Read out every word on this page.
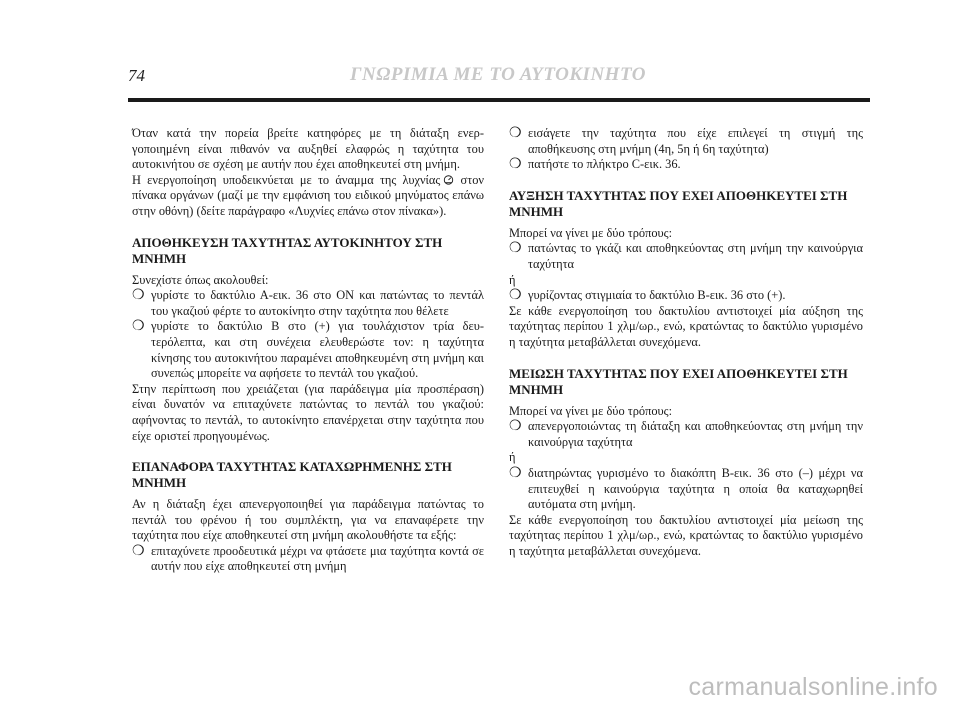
74	ΓΝΩΡΙΜΙΑ ΜΕ ΤΟ ΑΥΤΟΚΙΝΗΤΟ

Όταν κατά την πορεία βρείτε κατηφόρες με τη διάταξη ενεργοποιημένη είναι πιθανόν να αυξηθεί ελαφρώς η ταχύτητα του αυτοκινήτου σε σχέση με αυτήν που έχει αποθηκευτεί στη μνήμη.

Η ενεργοποίηση υποδεικνύεται με το άναμμα της λυχνίας στον πίνακα οργάνων (μαζί με την εμφάνιση του ειδικού μηνύματος επάνω στην οθόνη) (δείτε παράγραφο «Λυχνίες επάνω στον πίνακα»).

ΑΠΟΘΗΚΕΥΣΗ ΤΑΧΥΤΗΤΑΣ ΑΥΤΟΚΙΝΗΤΟΥ ΣΤΗ ΜΝΗΜΗ

Συνεχίστε όπως ακολουθεί:

❍ γυρίστε το δακτύλιο Α-εικ. 36 στο ON και πατώντας το πεντάλ του γκαζιού φέρτε το αυτοκίνητο στην ταχύτητα που θέλετε
❍ γυρίστε το δακτύλιο B στο (+) για τουλάχιστον τρία δευτερόλεπτα, και στη συνέχεια ελευθερώστε τον: η ταχύτητα κίνησης του αυτοκινήτου παραμένει αποθηκευμένη στη μνήμη και συνεπώς μπορείτε να αφήσετε το πεντάλ του γκαζιού.

Στην περίπτωση που χρειάζεται (για παράδειγμα μία προσπέραση) είναι δυνατόν να επιταχύνετε πατώντας το πεντάλ του γκαζιού: αφήνοντας το πεντάλ, το αυτοκίνητο επανέρχεται στην ταχύτητα που είχε οριστεί προηγουμένως.

ΕΠΑΝΑΦΟΡΑ ΤΑΧΥΤΗΤΑΣ ΚΑΤΑΧΩΡΗΜΕΝΗΣ ΣΤΗ ΜΝΗΜΗ

Αν η διάταξη έχει απενεργοποιηθεί για παράδειγμα πατώντας το πεντάλ του φρένου ή του συμπλέκτη, για να επαναφέρετε την ταχύτητα που είχε αποθηκευτεί στη μνήμη ακολουθήστε τα εξής:

❍ επιταχύνετε προοδευτικά μέχρι να φτάσετε μια ταχύτητα κοντά σε αυτήν που είχε αποθηκευτεί στη μνήμη
❍ εισάγετε την ταχύτητα που είχε επιλεγεί τη στιγμή της αποθήκευσης στη μνήμη (4η, 5η ή 6η ταχύτητα)
❍ πατήστε το πλήκτρο C-εικ. 36.

ΑΥΞΗΣΗ ΤΑΧΥΤΗΤΑΣ ΠΟΥ ΕΧΕΙ ΑΠΟΘΗΚΕΥΤΕΙ ΣΤΗ ΜΝΗΜΗ

Μπορεί να γίνει με δύο τρόπους:

❍ πατώντας το γκάζι και αποθηκεύοντας στη μνήμη την καινούργια ταχύτητα

ή

❍ γυρίζοντας στιγμιαία το δακτύλιο B-εικ. 36 στο (+).

Σε κάθε ενεργοποίηση του δακτυλίου αντιστοιχεί μία αύξηση της ταχύτητας περίπου 1 χλμ/ωρ., ενώ, κρατώντας το δακτύλιο γυρισμένο η ταχύτητα μεταβάλλεται συνεχόμενα.

ΜΕΙΩΣΗ ΤΑΧΥΤΗΤΑΣ ΠΟΥ ΕΧΕΙ ΑΠΟΘΗΚΕΥΤΕΙ ΣΤΗ ΜΝΗΜΗ

Μπορεί να γίνει με δύο τρόπους:

❍ απενεργοποιώντας τη διάταξη και αποθηκεύοντας στη μνήμη την καινούργια ταχύτητα

ή

❍ διατηρώντας γυρισμένο το διακόπτη B-εικ. 36 στο (–) μέχρι να επιτευχθεί η καινούργια ταχύτητα η οποία θα καταχωρηθεί αυτόματα στη μνήμη.

Σε κάθε ενεργοποίηση του δακτυλίου αντιστοιχεί μία μείωση της ταχύτητας περίπου 1 χλμ/ωρ., ενώ, κρατώντας το δακτύλιο γυρισμένο η ταχύτητα μεταβάλλεται συνεχόμενα.

carmanualsonline.info
